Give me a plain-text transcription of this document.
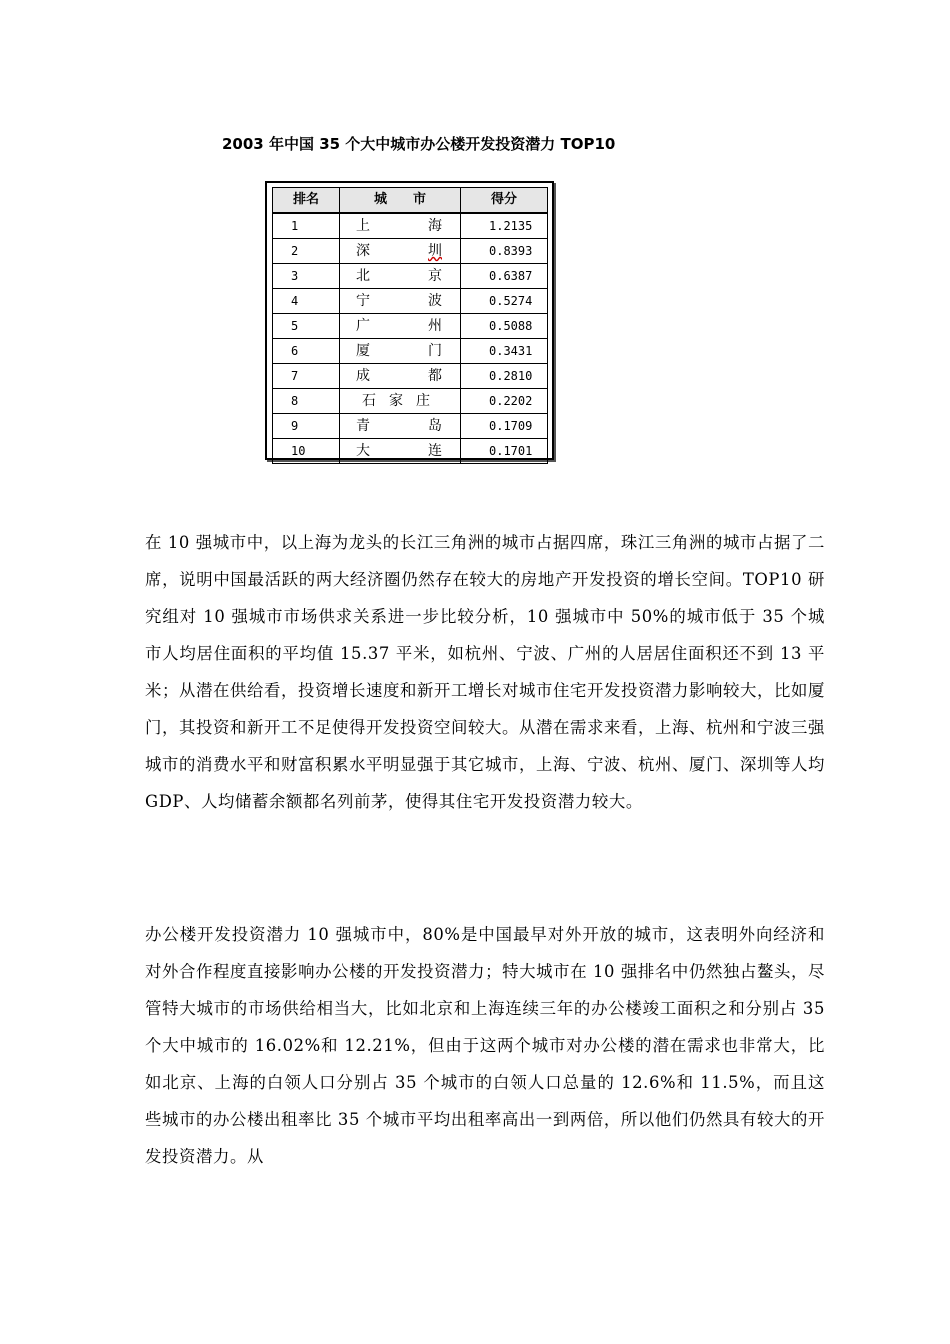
2003 年中国 35 个大中城市办公楼开发投资潜力 TOP10
排名	城　　市	得分
1	上 海	1.2135
2	深 圳	0.8393
3	北 京	0.6387
4	宁 波	0.5274
5	广 州	0.5088
6	厦 门	0.3431
7	成 都	0.2810
8	石 家 庄	0.2202
9	青 岛	0.1709
10	大 连	0.1701

在 10 强城市中，以上海为龙头的长江三角洲的城市占据四席，珠江三角洲的城市占据了二席，说明中国最活跃的两大经济圈仍然存在较大的房地产开发投资的增长空间。TOP10 研究组对 10 强城市市场供求关系进一步比较分析，10 强城市中 50%的城市低于 35 个城市人均居住面积的平均值 15.37 平米，如杭州、宁波、广州的人居居住面积还不到 13 平米；从潜在供给看，投资增长速度和新开工增长对城市住宅开发投资潜力影响较大，比如厦门，其投资和新开工不足使得开发投资空间较大。从潜在需求来看，上海、杭州和宁波三强城市的消费水平和财富积累水平明显强于其它城市，上海、宁波、杭州、厦门、深圳等人均 GDP、人均储蓄余额都名列前茅，使得其住宅开发投资潜力较大。

办公楼开发投资潜力 10 强城市中，80%是中国最早对外开放的城市，这表明外向经济和对外合作程度直接影响办公楼的开发投资潜力；特大城市在 10 强排名中仍然独占鳌头，尽管特大城市的市场供给相当大，比如北京和上海连续三年的办公楼竣工面积之和分别占 35 个大中城市的 16.02%和 12.21%，但由于这两个城市对办公楼的潜在需求也非常大，比如北京、上海的白领人口分别占 35 个城市的白领人口总量的 12.6%和 11.5%，而且这些城市的办公楼出租率比 35 个城市平均出租率高出一到两倍，所以他们仍然具有较大的开发投资潜力。从
